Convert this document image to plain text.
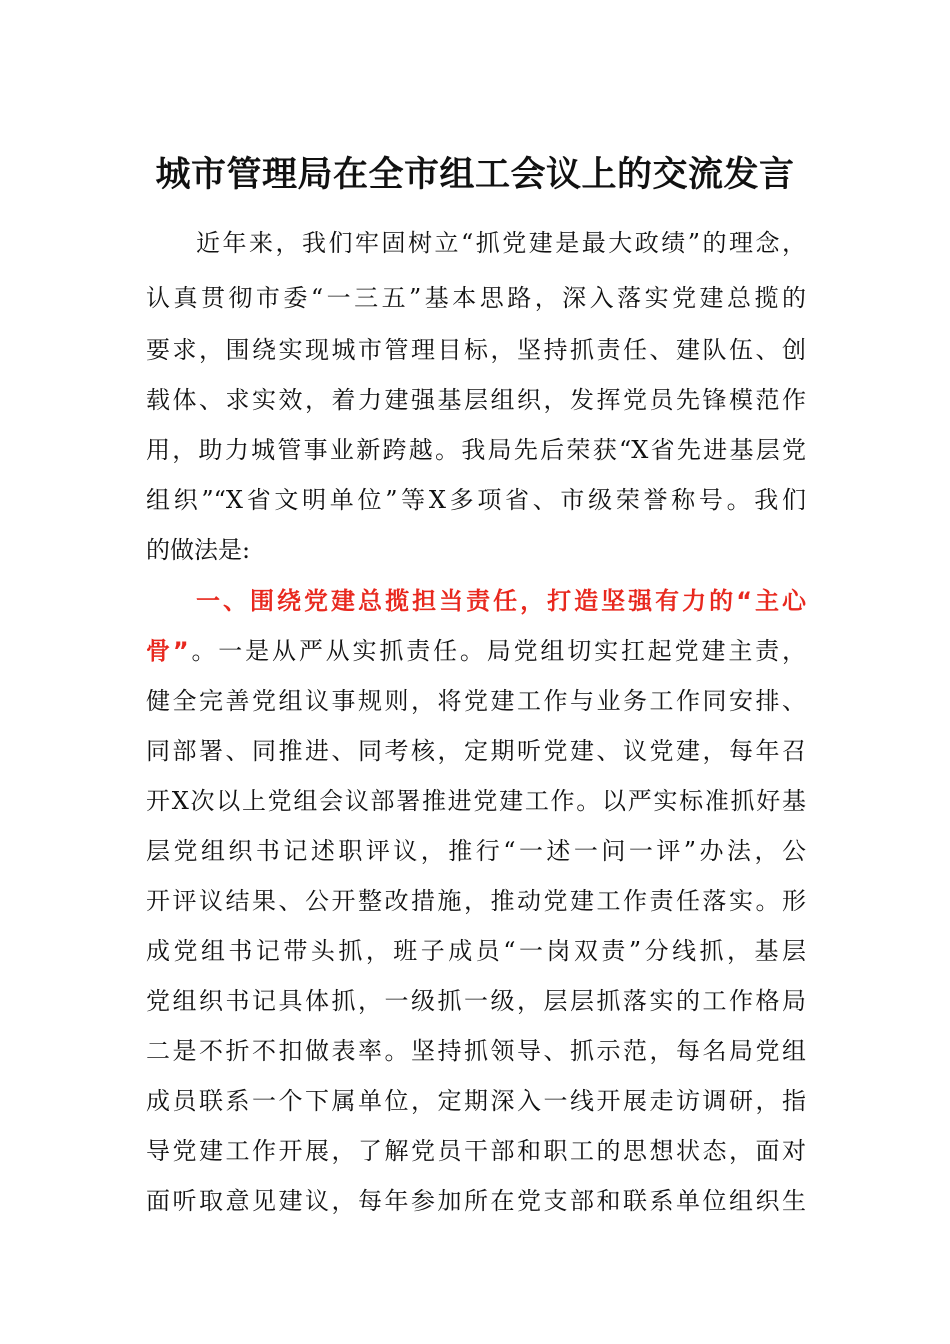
城市管理局在全市组工会议上的交流发言
近年来，我们牢固树立“抓党建是最大政绩”的理念，
认真贯彻市委“一三五”基本思路，深入落实党建总揽的
要求，围绕实现城市管理目标，坚持抓责任、建队伍、创
载体、求实效，着力建强基层组织，发挥党员先锋模范作
用，助力城管事业新跨越。我局先后荣获“X省先进基层党
组织”“X省文明单位”等X多项省、市级荣誉称号。我们
的做法是:
一、围绕党建总揽担当责任，打造坚强有力的“主心
骨”。一是从严从实抓责任。局党组切实扛起党建主责，
健全完善党组议事规则，将党建工作与业务工作同安排、
同部署、同推进、同考核，定期听党建、议党建，每年召
开X次以上党组会议部署推进党建工作。以严实标准抓好基
层党组织书记述职评议，推行“一述一问一评”办法，公
开评议结果、公开整改措施，推动党建工作责任落实。形
成党组书记带头抓，班子成员“一岗双责”分线抓，基层
党组织书记具体抓，一级抓一级，层层抓落实的工作格局
二是不折不扣做表率。坚持抓领导、抓示范，每名局党组
成员联系一个下属单位，定期深入一线开展走访调研，指
导党建工作开展，了解党员干部和职工的思想状态，面对
面听取意见建议，每年参加所在党支部和联系单位组织生
